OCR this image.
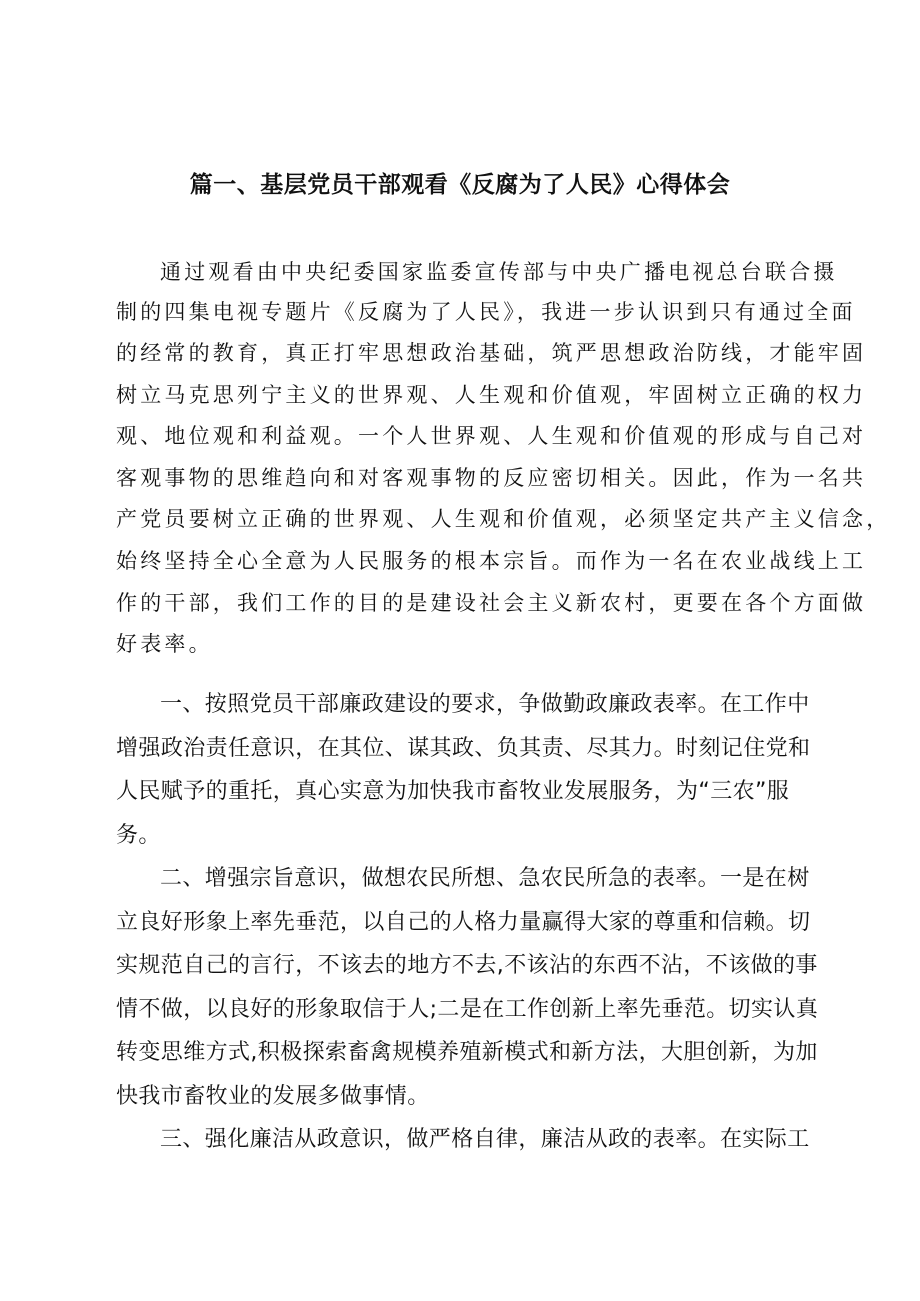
篇一、基层党员干部观看《反腐为了人民》心得体会

通过观看由中央纪委国家监委宣传部与中央广播电视总台联合摄

制的四集电视专题片《反腐为了人民》，我进一步认识到只有通过全面

的经常的教育，真正打牢思想政治基础，筑严思想政治防线，才能牢固

树立马克思列宁主义的世界观、人生观和价值观，牢固树立正确的权力

观、地位观和利益观。一个人世界观、人生观和价值观的形成与自己对

客观事物的思维趋向和对客观事物的反应密切相关。因此，作为一名共

产党员要树立正确的世界观、人生观和价值观，必须坚定共产主义信念，

始终坚持全心全意为人民服务的根本宗旨。而作为一名在农业战线上工

作的干部，我们工作的目的是建设社会主义新农村，更要在各个方面做

好表率。

一、按照党员干部廉政建设的要求，争做勤政廉政表率。在工作中

增强政治责任意识，在其位、谋其政、负其责、尽其力。时刻记住党和

人民赋予的重托，真心实意为加快我市畜牧业发展服务，为“三农”服

务。

二、增强宗旨意识，做想农民所想、急农民所急的表率。一是在树

立良好形象上率先垂范，以自己的人格力量赢得大家的尊重和信赖。切

实规范自己的言行，不该去的地方不去,不该沾的东西不沾，不该做的事

情不做，以良好的形象取信于人;二是在工作创新上率先垂范。切实认真

转变思维方式,积极探索畜禽规模养殖新模式和新方法，大胆创新，为加

快我市畜牧业的发展多做事情。

三、强化廉洁从政意识，做严格自律，廉洁从政的表率。在实际工
